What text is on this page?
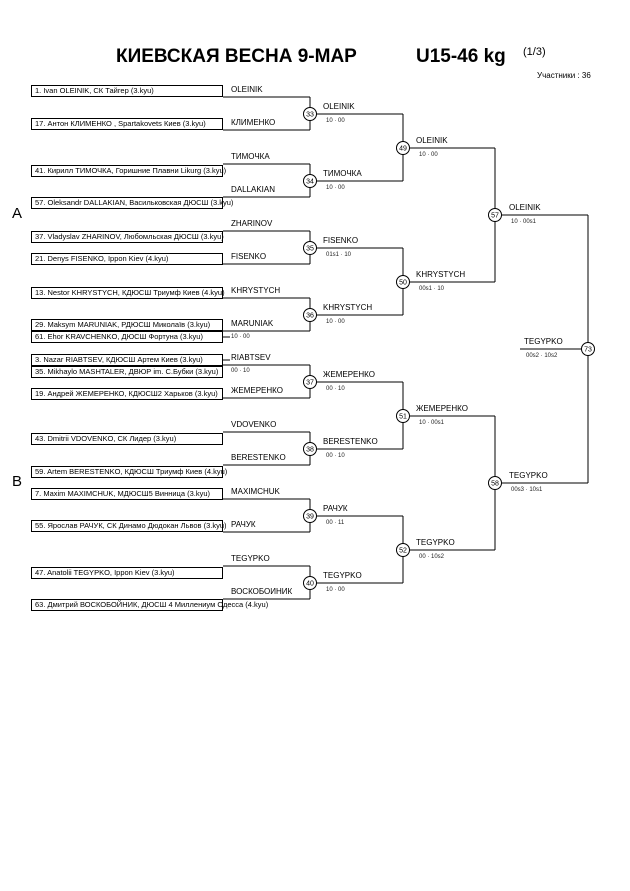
КИЕВСКАЯ ВЕСНА 9-МАР	U15-46 kg (1/3)
Участники : 36
A
B
33
34
35
36
37
38
39
40
49
50
51
52
57
58
73
1. Ivan OLEINIK, СК Тайгер (3.kyu)
17. Антон КЛИМЕНКО , Spartakovets Киев (3.kyu)
41. Кирилл ТИМОЧКА, Горишние Плавни Likurg (3.kyu)
57. Oleksandr DALLAKIAN, Васильковская ДЮСШ (3.kyu)
37. Vladyslav ZHARINOV, Любомльская ДЮСШ (3.kyu)
21. Denys FISENKO, Ippon Kiev (4.kyu)
13. Nestor KHRYSTYCH, КДЮСШ Триумф Киев (4.kyu)
29. Maksym MARUNIAK, РДЮСШ Миколаїв (3.kyu)
61. Ehor KRAVCHENKO, ДЮСШ Фортуна (3.kyu)
3. Nazar RIABTSEV, КДЮСШ Артем Киев (3.kyu)
35. Mikhaylo MASHTALER, ДВЮР im. С.Бубки (3.kyu)
19. Андрей ЖЕМЕРЕНКО, КДЮСШ2 Харьков (3.kyu)
43. Dmitrii VDOVENKO, СК Лидер (3.kyu)
59. Artem BERESTENKO, КДЮСШ Триумф Киев (4.kyu)
7. Maxim MAXIMCHUK, МДЮСШ5 Винница (3.kyu)
55. Ярослав РАЧУК, СК Динамо Дюдокан Львов (3.kyu)
47. Anatolii TEGYPKO, Ippon Kiev (3.kyu)
63. Дмитрий ВОСКОБОЙНИК, ДЮСШ 4 Миллениум Одесса (4.kyu)
OLEINIK
КЛИМЕНКО
ТИМОЧКА
DALLAKIAN
ZHARINOV
FISENKO
KHRYSTYCH
MARUNIAK
RIABTSEV
ЖЕМЕРЕНКО
VDOVENKO
BERESTENKO
MAXIMCHUK
РАЧУК
TEGYPKO
ВОСКОБОИНИК
10 · 00
00 · 10
OLEINIK
10 · 00
ТИМОЧКА
10 · 00
FISENKO
01s1 · 10
KHRYSTYCH
10 · 00
ЖЕМЕРЕНКО
00 · 10
BERESTENKO
00 · 10
РАЧУК
00 · 11
TEGYPKO
10 · 00
OLEINIK
10 · 00
KHRYSTYCH
00s1 · 10
ЖЕМЕРЕНКО
10 · 00s1
TEGYPKO
00 · 10s2
OLEINIK
10 · 00s1
TEGYPKO
00s3 · 10s1
TEGYPKO
00s2 · 10s2
